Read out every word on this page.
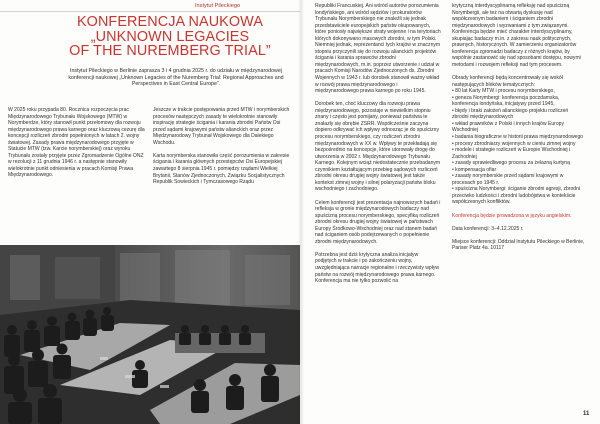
Instytut Pileckiego
KONFERENCJA NAUKOWA
„UNKNOWN LEGACIES
OF THE NUREMBERG TRIAL”
Instytut Pileckiego w Berlinie zaprasza 3 i 4 grudnia 2025 r. do udziału w międzynarodowej konferencji naukowej „Unknown Legacies of the Nuremberg Trial: Regional Approaches and Perspectives in East Central Europe”.

W 2025 roku przypada 80. Rocznica rozpoczęcia prac Międzynarodowego Trybunału Wojskowego (MTW) w Norymberdze, który stanowił punkt przełomowy dla rozwoju międzynarodowego prawa karnego oraz kluczową cezurę dla koncepcji rozliczeń zbrodni popełnionych w latach 2. wojny światowej. Zasady prawa międzynarodowego przyjęte w Statucie MTW (tzw. Karcie norymberskiej) oraz wyroku Trybunału zostały przyjęte przez Zgromadzenie Ogólne ONZ w rezolucji z 11 grudnia 1946 r. a następnie stanowiły wielokrotnie punkt odniesienia w pracach Komisji Prawa Międzynarodowego.

Jeszcze w trakcie postępowania przed MTW i norymberskich procesów następczych zasady te wielokrotnie stanowiły inspirację strategie ścigania i karania zbrodni Państw Osi przed sądami krajowymi państw alianckich oraz przez Międzynarodowy Trybunał Wojskowego dla Dalekiego Wschodu.

Karta norymberska stanowiła część porozumienia w zakresie ścigania i karania głównych przestępców Osi Europejskiej zawartego 8 sierpnia 1945 r. pomiędzy rządami Wielkiej Brytanii, Stanów Zjednoczonych, Związku Socjalistycznych Republik Sowieckich i Tymczasowego Rządu

Republiki Francuskiej. Ani wśród autorów porozumienia londyńskiego, ani wśród sędziów i prokuratorów Trybunału Norymberskiego nie znaleźli się jednak przedstawiciele europejskich państw okupowanych, które poniosły największe straty wojenne i na terytoriach których dokonywano masowych zbrodni, w tym Polski. Niemniej jednak, reprezentanci tych krajów w znacznym stopniu przyczynili się do rozwoju alianckich projektów ścigania i karania sprawców zbrodni międzynarodowych, m.in. poprzez utworzenie i udział w pracach Komisji Narodów Zjednoczonych ds. Zbrodni Wojennych w 1943 r. lub dorobek stanowił ważny wkład w rozwój prawa międzynarodowego i międzynarodowego prawa karnego po roku 1945.

Dorobek ten, choć kluczowy dla rozwoju prawa międzynarodowego, pozostaje w niewielkim stopniu znany i często jest pomijany, ponieważ państwa te znalazły się obrębie ZSRR. Współcześnie zaczyna dopiero odkrywać ich wpływy odnosząc je do spuścizny procesu norymberskiego, czy rozliczeń zbrodni międzynarodowych w XX w. Wpływy te przekładają się bezpośrednio na koncepcje, które utorowały drogę do utworzenia w 2002 r. Międzynarodowego Trybunału Karnego. Kolejnym wciąż niedostatecznie przebadanym czynnikiem kształtującym przebieg sądowych rozliczeń zbrodni okresu drugiej wojny światowej jest także kontekst zimnej wojny i silnej polaryzacji państw bloku wschodniego i zachodniego.

Celem konferencji jest prezentacja najnowszych badań i refleksja w gronie międzynarodowych badaczy nad spuścizną procesu norymberskiego, specyfiką rozliczeń zbrodni okresu drugiej wojny światowej w państwach Europy Środkowo-Wschodniej oraz nad stanem badań nad ściganiem osób podejrzewanych o popełnienie zbrodni międzynarodowych.

Potrzebna jest dziś krytyczna analiza inicjatyw podjętych w trakcie i po zakończeniu wojny, uwzględniająca narracje regionalne i rzeczywisty wpływ państw na rozwój międzynarodowego prawa karnego. Konferencja ma nie tylko pozwolić na

krytyczną interdyscyplinarną refleksję nad spuścizną Norymbergii, ale też na otwartą dyskusję nad współczesnym badaniem i ściganiem zbrodni międzynarodowych i wyzwaniami z tym związanymi. Konferencja będzie mieć charakter interdyscyplinarny, skupiając badaczy m.in. z zakresu nauk politycznych, prawnych, historycznych. W zamierzeniu organizatorów konferencja zgromadzi badaczy z różnych krajów, by wspólnie zastanowić się nad sposobami dostępu, nowymi metodami i rozwojem refleksji nad tym procesem.

Obrady konferencji będą koncentrowały się wokół następujących bloków tematycznych:

• 80 lat Karty MTW i procesu norymberskiego,
• geneza Norymbergi: konferencja poczdamska, konferencja londyńska, inicjatywy przed 1945,
• błędy i braki założeń alianckiego projektu rozliczeń zbrodni międzynarodowych
• wkład prawników z Polski i innych krajów Europy Wschodniej
• badania biograficzne w historii prawa międzynarodowego
• procesy zbrodniarzy wojennych w cieniu zimnej wojny
• modele i strategie rozliczeń w Europie Wschodniej i Zachodniej
• zasady sprawiedliwego procesu za żelazną kurtyną
• kompensacja ofiar
• zasady norymberskie przed sądami krajowymi w procesach po 1945 r.
• spuścizna Norymbergi: ściganie zbrodni agresji, zbrodni przeciwko ludzkości i zbrodni ludobójstwa w kontekście współczesnych konfliktów.

Konferencja będzie prowadzona w języku angielskim.

Data konferencji: 3–4.12.2025 r.

Miejsce konferencji: Oddział Instytutu Pileckiego w Berlinie, Pariser Platz 4a. 10117

11
